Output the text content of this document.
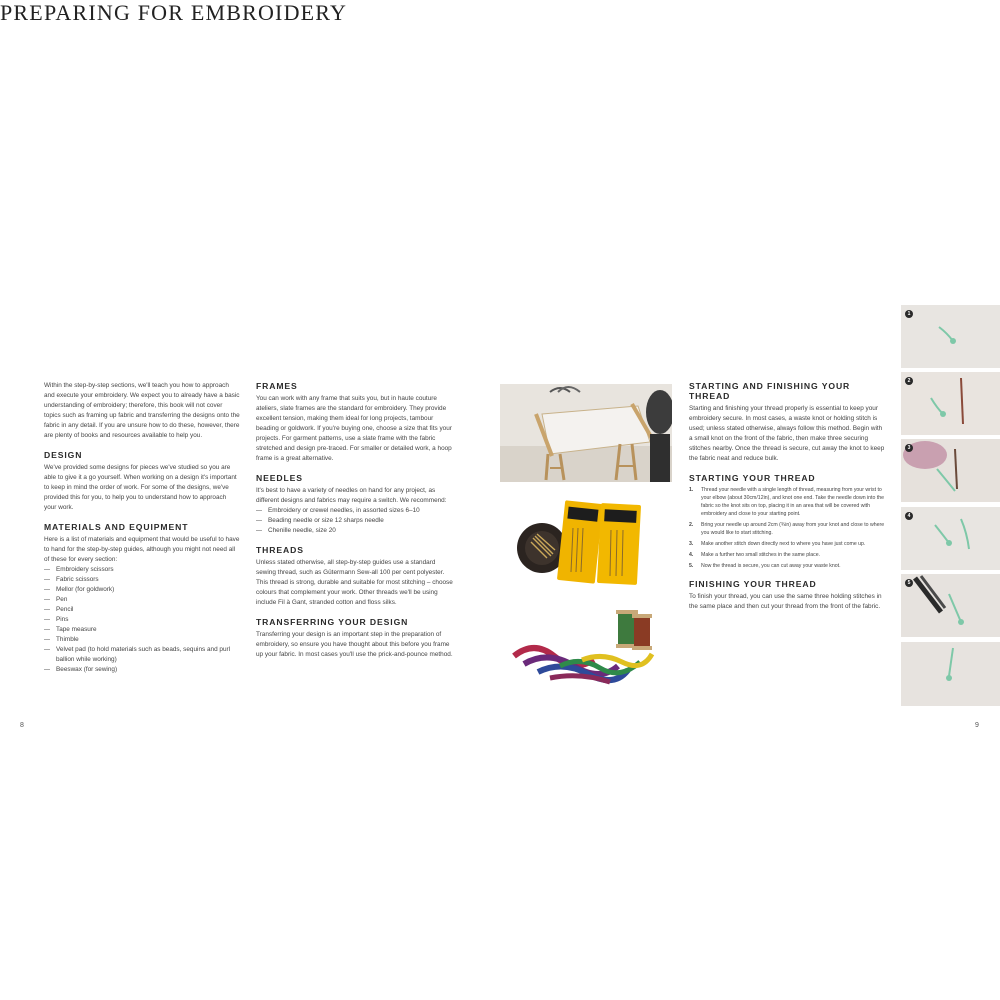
PREPARING FOR EMBROIDERY

Within the step-by-step sections, we'll teach you how to approach and execute your embroidery. We expect you to already have a basic understanding of embroidery; therefore, this book will not cover topics such as framing up fabric and transferring the designs onto the fabric in any detail. If you are unsure how to do these, however, there are plenty of books and resources available to help you.

DESIGN

We've provided some designs for pieces we've studied so you are able to give it a go yourself. When working on a design it's important to keep in mind the order of work. For some of the designs, we've provided this for you, to help you to understand how to approach your work.

MATERIALS AND EQUIPMENT

Here is a list of materials and equipment that would be useful to have to hand for the step-by-step guides, although you might not need all of these for every section:

— Embroidery scissors
— Fabric scissors
— Mellor (for goldwork)
— Pen
— Pencil
— Pins
— Tape measure
— Thimble
— Velvet pad (to hold materials such as beads, sequins and purl ballion while working)
— Beeswax (for sewing)
FRAMES

You can work with any frame that suits you, but in haute couture ateliers, slate frames are the standard for embroidery. They provide excellent tension, making them ideal for long projects, tambour beading or goldwork. If you're buying one, choose a size that fits your projects. For garment patterns, use a slate frame with the fabric stretched and design pre-traced. For smaller or detailed work, a hoop frame is a great alternative.

NEEDLES

It's best to have a variety of needles on hand for any project, as different designs and fabrics may require a switch. We recommend:

— Embroidery or crewel needles, in assorted sizes 6–10
— Beading needle or size 12 sharps needle
— Chenille needle, size 20
THREADS

Unless stated otherwise, all step-by-step guides use a standard sewing thread, such as Gütermann Sew-all 100 per cent polyester. This thread is strong, durable and suitable for most stitching – choose colours that complement your work. Other threads we'll be using include Fil à Gant, stranded cotton and floss silks.

TRANSFERRING YOUR DESIGN

Transferring your design is an important step in the preparation of embroidery, so ensure you have thought about this before you frame up your fabric. In most cases you'll use the prick-and-pounce method.

STARTING AND FINISHING YOUR THREAD

Starting and finishing your thread properly is essential to keep your embroidery secure. In most cases, a waste knot or holding stitch is used; unless stated otherwise, always follow this method. Begin with a small knot on the front of the fabric, then make three securing stitches nearby. Once the thread is secure, cut away the knot to keep the fabric neat and reduce bulk.

STARTING YOUR THREAD
1. Thread your needle with a single length of thread, measuring from your wrist to your elbow (about 30cm/12in), and knot one end. Take the needle down into the fabric so the knot sits on top, placing it in an area that will be covered with embroidery and close to your starting point.
2. Bring your needle up around 2cm (¾in) away from your knot and close to where you would like to start stitching.
3. Make another stitch down directly next to where you have just come up.
4. Make a further two small stitches in the same place.
5. Now the thread is secure, you can cut away your waste knot.
FINISHING YOUR THREAD

To finish your thread, you can use the same three holding stitches in the same place and then cut your thread from the front of the fabric.

1
2
3
4
5
8	9
